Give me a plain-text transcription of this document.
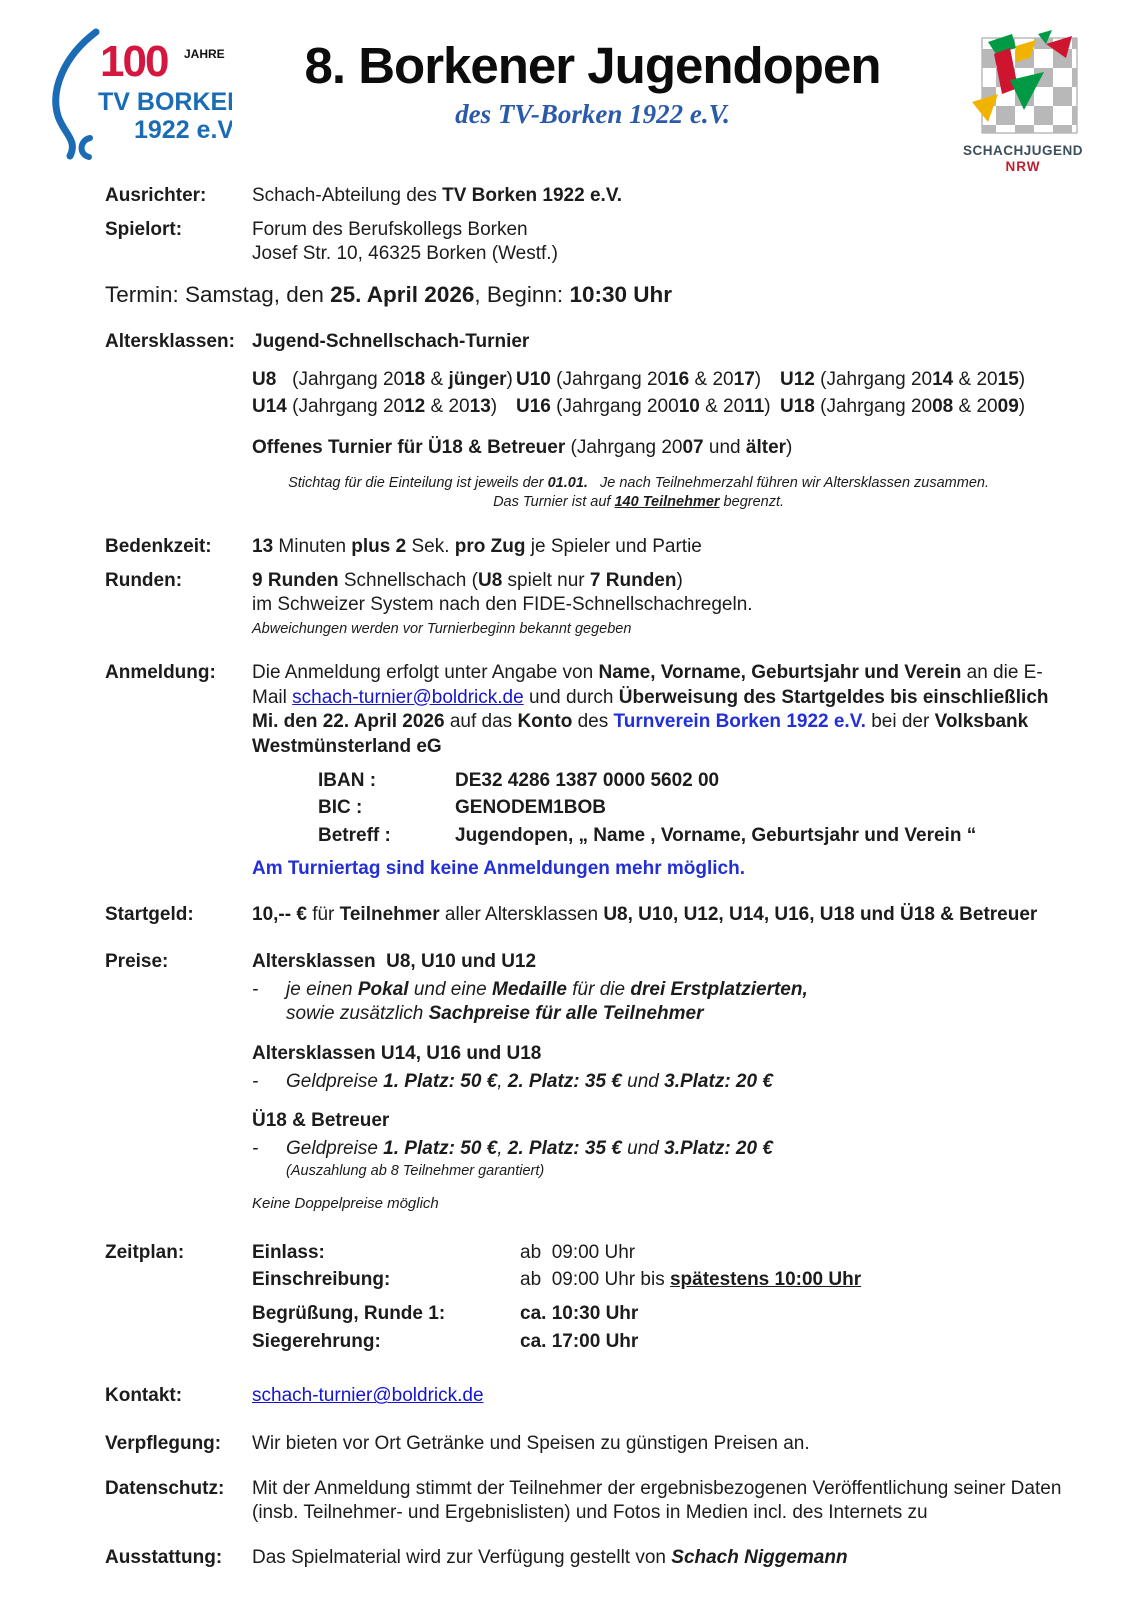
100 JAHRE
TV BORKEN
1922 e.V.
8. Borkener Jugendopen
des TV-Borken 1922 e.V.
SCHACHJUGEND
NRW
Ausrichter:	Schach-Abteilung des TV Borken 1922 e.V.
Spielort:	Forum des Berufskollegs Borken
Josef Str. 10, 46325 Borken (Westf.)
Termin: Samstag, den 25. April 2026, Beginn: 10:30 Uhr
Altersklassen: Jugend-Schnellschach-Turnier
U8   (Jahrgang 2018 & jünger) U10 (Jahrgang 2016 & 2017) U12 (Jahrgang 2014 & 2015)
U14 (Jahrgang 2012 & 2013) U16 (Jahrgang 20010 & 2011) U18 (Jahrgang 2008 & 2009)
Offenes Turnier für Ü18 & Betreuer (Jahrgang 2007 und älter)
Stichtag für die Einteilung ist jeweils der 01.01.   Je nach Teilnehmerzahl führen wir Altersklassen zusammen.
Das Turnier ist auf 140 Teilnehmer begrenzt.
Bedenkzeit:	13 Minuten plus 2 Sek. pro Zug je Spieler und Partie
Runden:	9 Runden Schnellschach (U8 spielt nur 7 Runden)
im Schweizer System nach den FIDE-Schnellschachregeln.
Abweichungen werden vor Turnierbeginn bekannt gegeben
Anmeldung:	Die Anmeldung erfolgt unter Angabe von Name, Vorname, Geburtsjahr und Verein an die E-Mail schach-turnier@boldrick.de und durch Überweisung des Startgeldes bis einschließlich Mi. den 22. April 2026 auf das Konto des Turnverein Borken 1922 e.V. bei der Volksbank Westmünsterland eG
IBAN :	DE32 4286 1387 0000 5602 00
BIC :	GENODEM1BOB
Betreff :	Jugendopen, „ Name , Vorname, Geburtsjahr und Verein “
Am Turniertag sind keine Anmeldungen mehr möglich.
Startgeld:	10,-- € für Teilnehmer aller Altersklassen U8, U10, U12, U14, U16, U18 und Ü18 & Betreuer
Preise:	Altersklassen  U8, U10 und U12
-	je einen Pokal und eine Medaille für die drei Erstplatzierten,
sowie zusätzlich Sachpreise für alle Teilnehmer
Altersklassen U14, U16 und U18
-	Geldpreise 1. Platz: 50 €, 2. Platz: 35 € und 3.Platz: 20 €
Ü18 & Betreuer
-	Geldpreise 1. Platz: 50 €, 2. Platz: 35 € und 3.Platz: 20 €
(Auszahlung ab 8 Teilnehmer garantiert)
Keine Doppelpreise möglich
Zeitplan:	Einlass:	ab  09:00 Uhr
Einschreibung:	ab  09:00 Uhr bis spätestens 10:00 Uhr
Begrüßung, Runde 1:	ca. 10:30 Uhr
Siegerehrung:	ca. 17:00 Uhr
Kontakt:	schach-turnier@boldrick.de
Verpflegung:	Wir bieten vor Ort Getränke und Speisen zu günstigen Preisen an.
Datenschutz:	Mit der Anmeldung stimmt der Teilnehmer der ergebnisbezogenen Veröffentlichung seiner Daten (insb. Teilnehmer- und Ergebnislisten) und Fotos in Medien incl. des Internets zu
Ausstattung:	Das Spielmaterial wird zur Verfügung gestellt von Schach Niggemann
